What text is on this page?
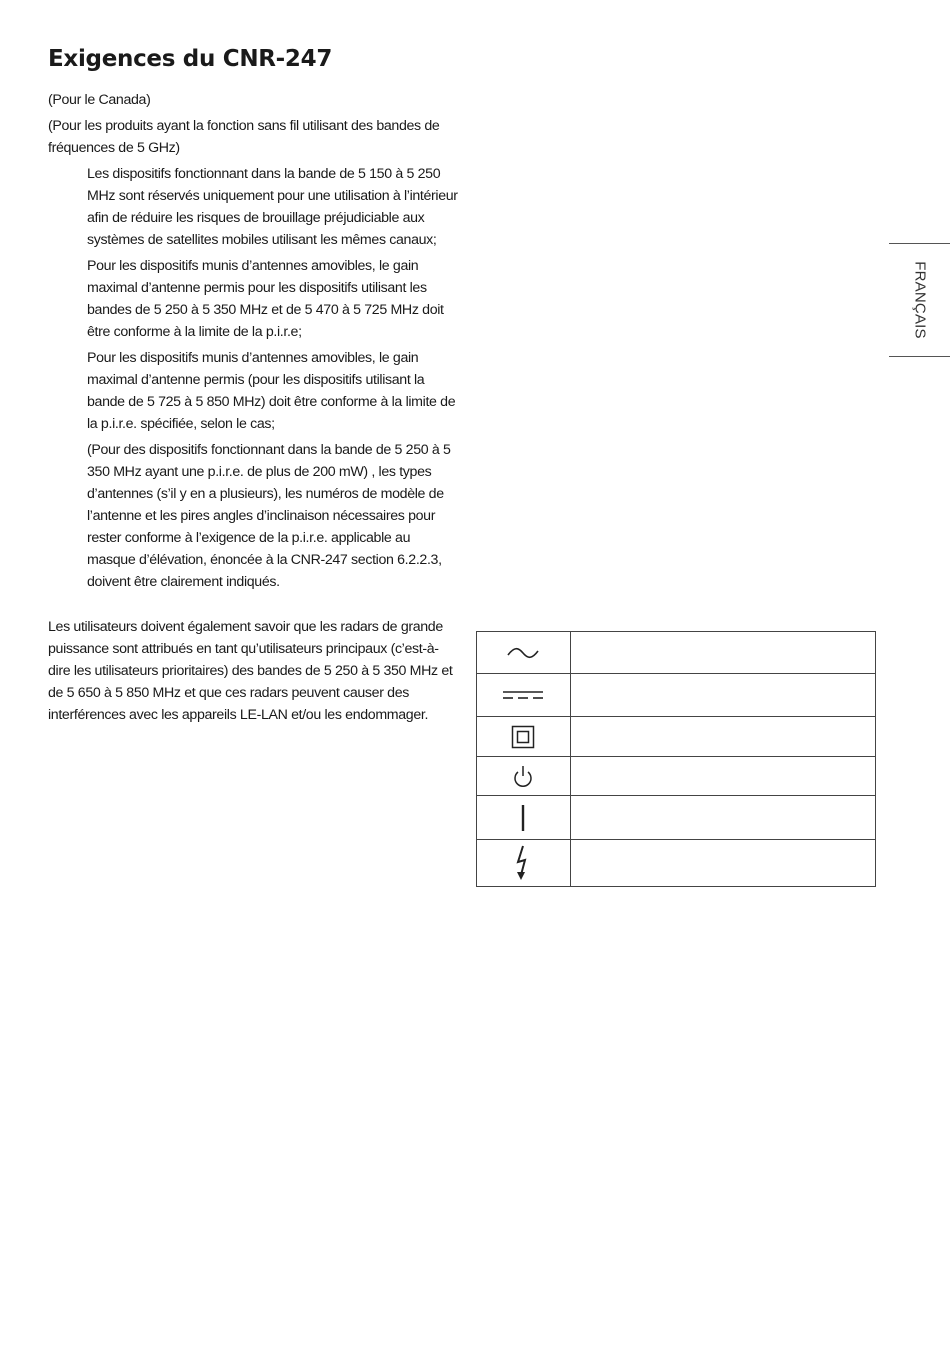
Exigences du CNR-247

(Pour le Canada)

(Pour les produits ayant la fonction sans fil utilisant des bandes de fréquences de 5 GHz)

Les dispositifs fonctionnant dans la bande de 5 150 à 5 250 MHz sont réservés uniquement pour une utilisation à l’intérieur afin de réduire les risques de brouillage préjudiciable aux systèmes de satellites mobiles utilisant les mêmes canaux;

Pour les dispositifs munis d’antennes amovibles, le gain maximal d’antenne permis pour les dispositifs utilisant les bandes de 5 250 à 5 350 MHz et de 5 470 à 5 725 MHz doit être conforme à la limite de la p.i.r.e;

Pour les dispositifs munis d’antennes amovibles, le gain maximal d’antenne permis (pour les dispositifs utilisant la bande de 5 725 à 5 850 MHz) doit être conforme à la limite de la p.i.r.e. spécifiée, selon le cas;

(Pour des dispositifs fonctionnant dans la bande de 5 250 à 5 350 MHz ayant une p.i.r.e. de plus de 200 mW) , les types d’antennes (s’il y en a plusieurs), les numéros de modèle de l’antenne et les pires angles d’inclinaison nécessaires pour rester conforme à l’exigence de la p.i.r.e. applicable au masque d’élévation, énoncée à la CNR-247 section 6.2.2.3, doivent être clairement indiqués.

Les utilisateurs doivent également savoir que les radars de grande puissance sont attribués en tant qu’utilisateurs principaux (c’est-à-dire les utilisateurs prioritaires) des bandes de 5 250 à 5 350 MHz et de 5 650 à 5 850 MHz et que ces radars peuvent causer des interférences avec les appareils LE-LAN et/ou les endommager.

FRANÇAIS
